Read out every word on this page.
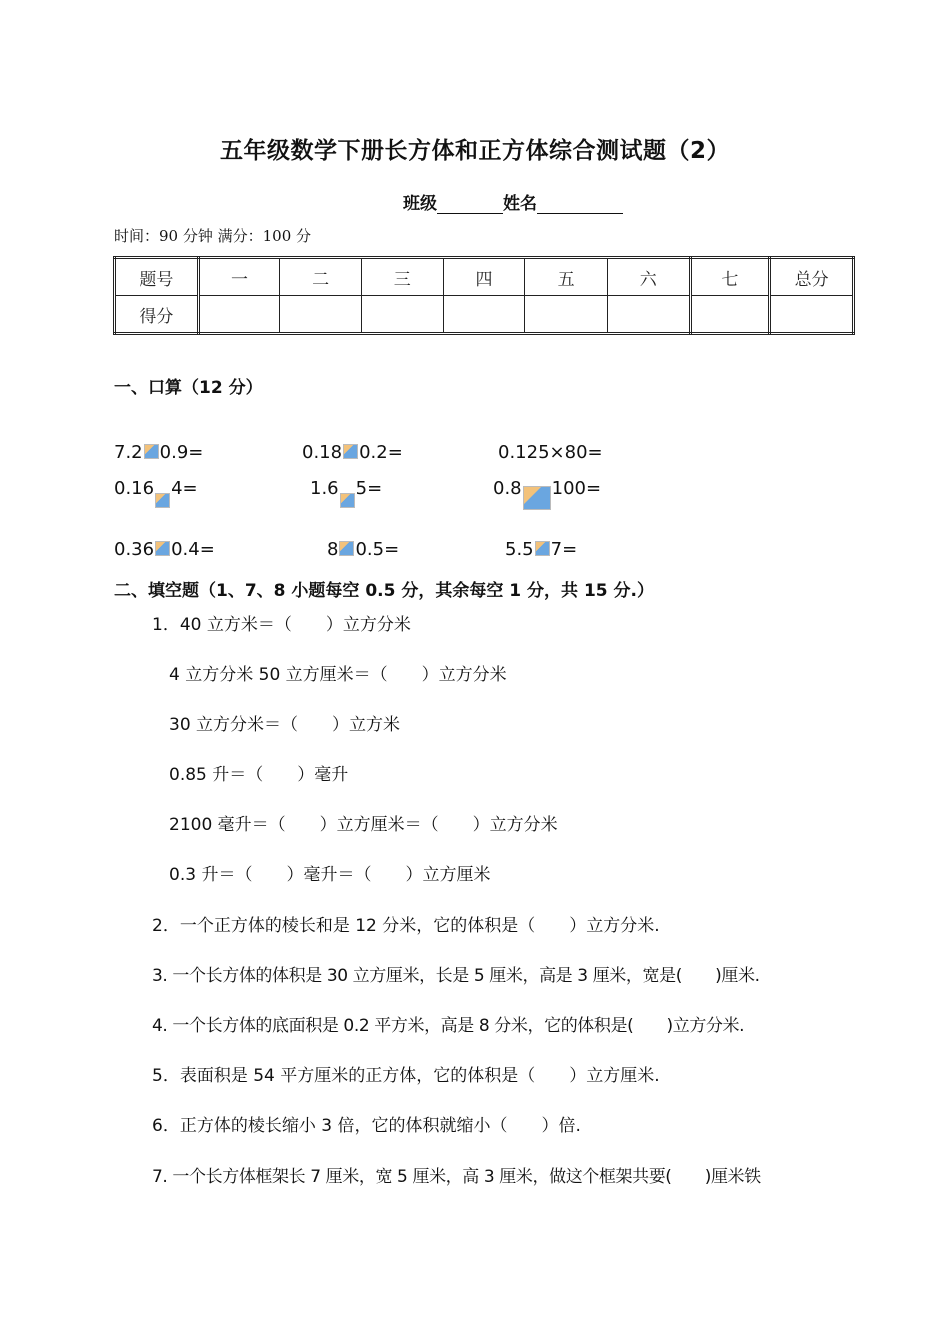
五年级数学下册长方体和正方体综合测试题（2）
班级	姓名
时间：90 分钟 满分：100 分
题号	一	二	三	四	五	六	七	总分
得分								
一、口算（12 分）
7.2 0.9=	0.18 0.2=	0.125×80=
0.16 4=	1.6 5=	0.8 100=
0.36 0.4=	8 0.5=	5.5 7=
二、填空题（1、7、8 小题每空 0.5 分，其余每空 1 分，共 15 分.）
1．40 立方米＝（　　）立方分米
4 立方分米 50 立方厘米＝（　　）立方分米
30 立方分米＝（　　）立方米
0.85 升＝（　　）毫升
2100 毫升＝（　　）立方厘米＝（　　）立方分米
0.3 升＝（　　）毫升＝（　　）立方厘米
2．一个正方体的棱长和是 12 分米，它的体积是（　　）立方分米.
3. 一个长方体的体积是 30 立方厘米，长是 5 厘米，高是 3 厘米，宽是(　　)厘米.
4. 一个长方体的底面积是 0.2 平方米，高是 8 分米，它的体积是(　　)立方分米.
5．表面积是 54 平方厘米的正方体，它的体积是（　　）立方厘米.
6．正方体的棱长缩小 3 倍，它的体积就缩小（　　）倍.
7. 一个长方体框架长 7 厘米，宽 5 厘米，高 3 厘米，做这个框架共要(　　)厘米铁
